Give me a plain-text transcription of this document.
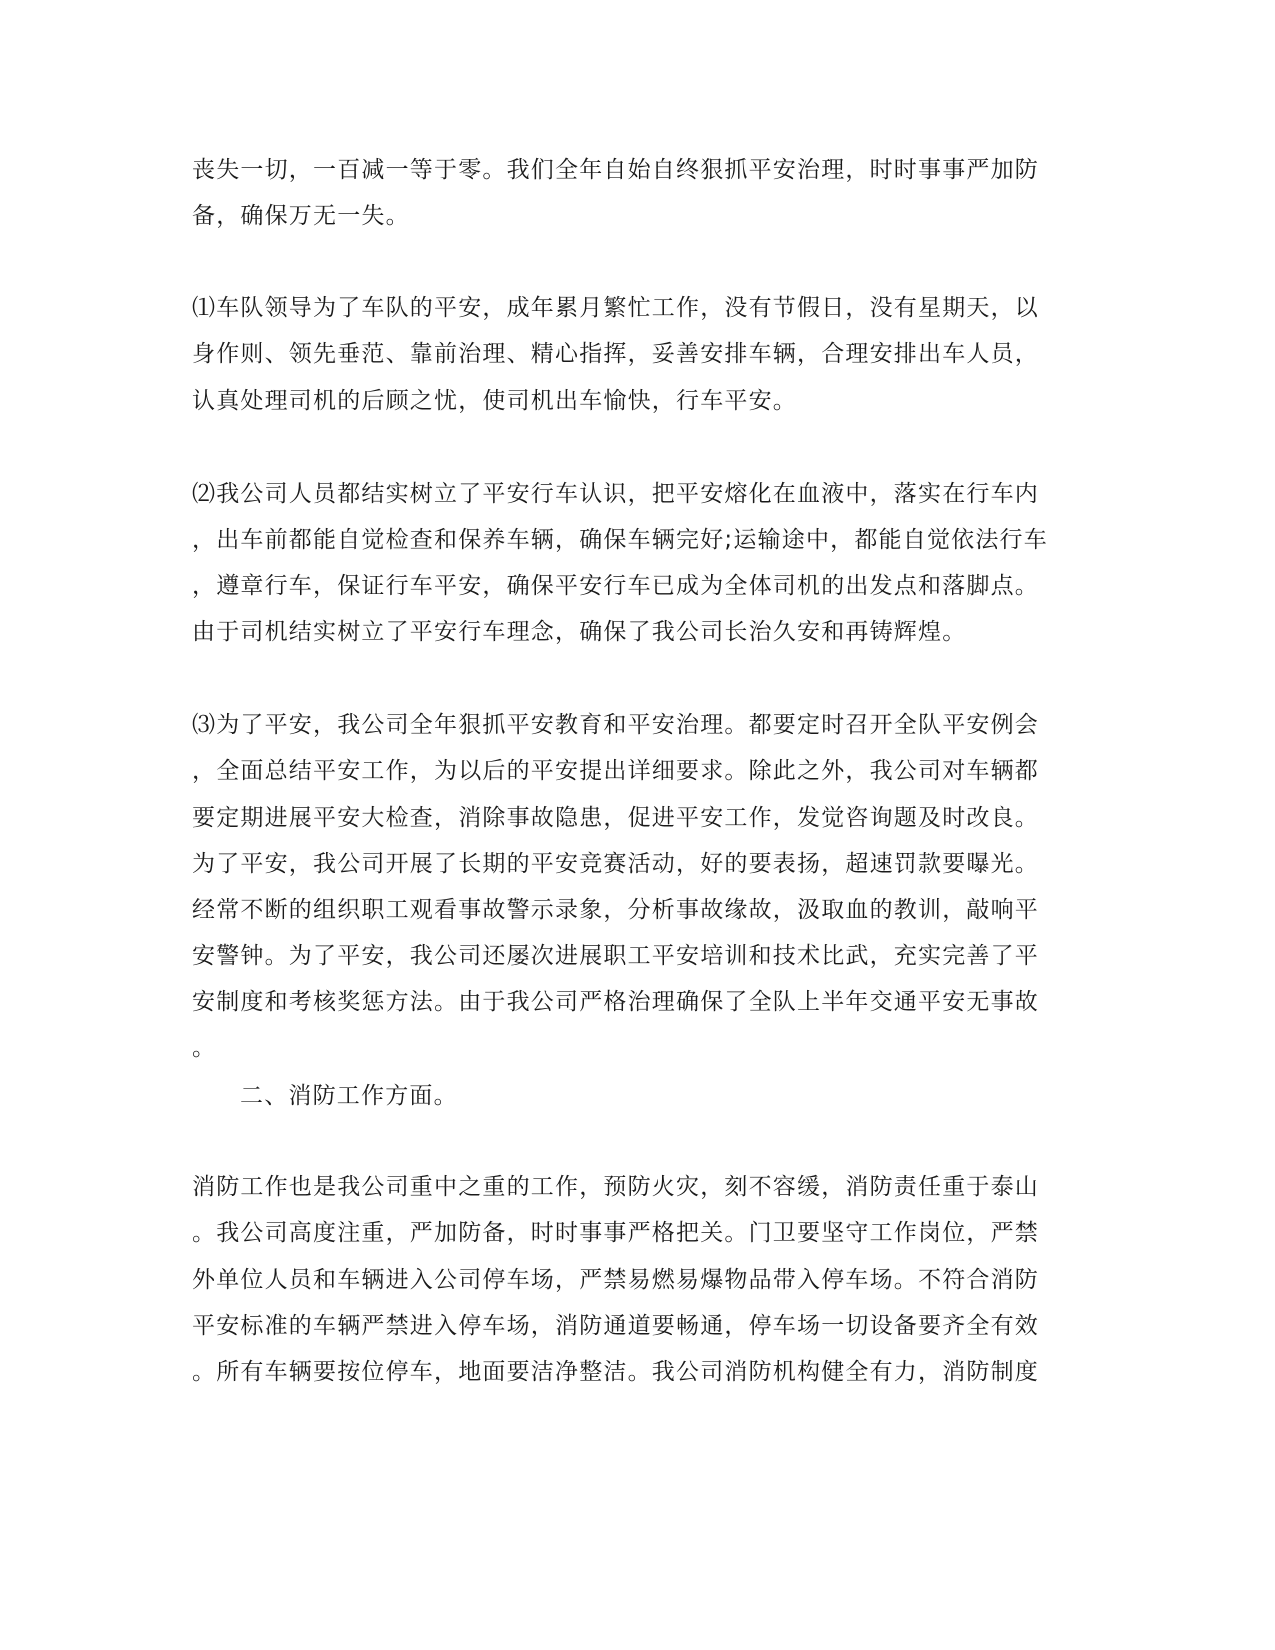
丧失一切，一百减一等于零。我们全年自始自终狠抓平安治理，时时事事严加防
备，确保万无一失。
⑴车队领导为了车队的平安，成年累月繁忙工作，没有节假日，没有星期天，以
身作则、领先垂范、靠前治理、精心指挥，妥善安排车辆，合理安排出车人员，
认真处理司机的后顾之忧，使司机出车愉快，行车平安。
⑵我公司人员都结实树立了平安行车认识，把平安熔化在血液中，落实在行车内
，出车前都能自觉检查和保养车辆，确保车辆完好;运输途中，都能自觉依法行车
，遵章行车，保证行车平安，确保平安行车已成为全体司机的出发点和落脚点。
由于司机结实树立了平安行车理念，确保了我公司长治久安和再铸辉煌。
⑶为了平安，我公司全年狠抓平安教育和平安治理。都要定时召开全队平安例会
，全面总结平安工作，为以后的平安提出详细要求。除此之外，我公司对车辆都
要定期进展平安大检查，消除事故隐患，促进平安工作，发觉咨询题及时改良。
为了平安，我公司开展了长期的平安竞赛活动，好的要表扬，超速罚款要曝光。
经常不断的组织职工观看事故警示录象，分析事故缘故，汲取血的教训，敲响平
安警钟。为了平安，我公司还屡次进展职工平安培训和技术比武，充实完善了平
安制度和考核奖惩方法。由于我公司严格治理确保了全队上半年交通平安无事故
。
二、消防工作方面。
消防工作也是我公司重中之重的工作，预防火灾，刻不容缓，消防责任重于泰山
。我公司高度注重，严加防备，时时事事严格把关。门卫要坚守工作岗位，严禁
外单位人员和车辆进入公司停车场，严禁易燃易爆物品带入停车场。不符合消防
平安标准的车辆严禁进入停车场，消防通道要畅通，停车场一切设备要齐全有效
。所有车辆要按位停车，地面要洁净整洁。我公司消防机构健全有力，消防制度
